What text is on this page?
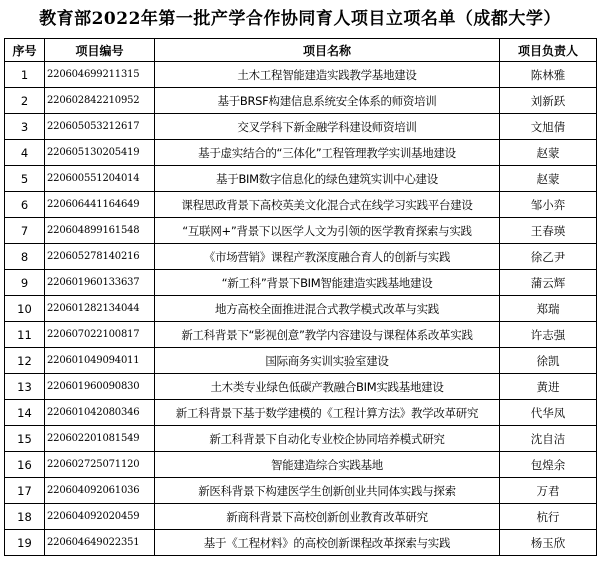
教育部2022年第一批产学合作协同育人项目立项名单（成都大学）
序号	项目编号	项目名称	项目负责人
1	220604699211315	土木工程智能建造实践教学基地建设	陈林雅
2	220602842210952	基于BRSF构建信息系统安全体系的师资培训	刘新跃
3	220605053212617	交叉学科下新金融学科建设师资培训	文旭倩
4	220605130205419	基于虚实结合的“三体化”工程管理教学实训基地建设	赵蒙
5	220600551204014	基于BIM数字信息化的绿色建筑实训中心建设	赵蒙
6	220606441164649	课程思政背景下高校英美文化混合式在线学习实践平台建设	邹小弈
7	220604899161548	“互联网+”背景下以医学人文为引领的医学教育探索与实践	王春瑛
8	220605278140216	《市场营销》课程产教深度融合育人的创新与实践	徐乙尹
9	220601960133637	“新工科”背景下BIM智能建造实践基地建设	蒲云辉
10	220601282134044	地方高校全面推进混合式教学模式改革与实践	郑瑞
11	220607022100817	新工科背景下“影视创意”教学内容建设与课程体系改革实践	许志强
12	220601049094011	国际商务实训实验室建设	徐凯
13	220601960090830	土木类专业绿色低碳产教融合BIM实践基地建设	黄进
14	220601042080346	新工科背景下基于数学建模的《工程计算方法》教学改革研究	代华凤
15	220602201081549	新工科背景下自动化专业校企协同培养模式研究	沈自洁
16	220602725071120	智能建造综合实践基地	包煌余
17	220604092061036	新医科背景下构建医学生创新创业共同体实践与探索	万君
18	220604092020459	新商科背景下高校创新创业教育改革研究	杭行
19	220604649022351	基于《工程材料》的高校创新课程改革探索与实践	杨玉欣
